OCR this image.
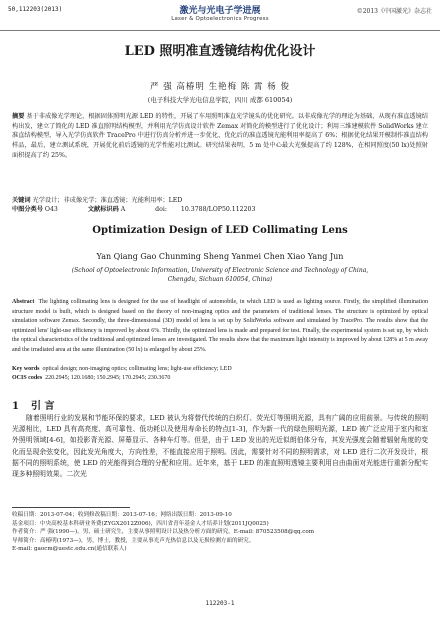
50,112203(2013)	激光与光电子学进展
Laser & Optoelectronics Progress
©2013《中国激光》杂志社
LED 照明准直透镜结构优化设计
严 强 高椿明 生艳梅 陈 霄 杨 俊
(电子科技大学光电信息学院，四川 成都 610054)
摘要 基于非成像光学理论，根据固体照明光源 LED 的特性，开展了车用照明准直光学镜头的优化研究。以非成像光学的理论为基础，从现有准直透镜结构出发，建立了简化的 LED 准直照明结构模型，并利用光学仿真设计软件 Zemax 对简化的模型进行了优化设计；利用三维建模软件 SolidWorks 建立准直结构模型，导入光学仿真软件 TracePro 中进行仿真分析并进一步优化，优化后的准直透镜光能利用率提高了 6%；根据优化结果开模制作准直结构样品，最后，建立测试系统，开展优化前后透镜的光学性能对比测试。研究结果表明，5 m 处中心最大光强提高了约 128%，在相同照度(50 lx)处照射面积提高了约 25%。
关键词 光学设计；非成像光学；准直透镜；光能利用率；LED
中图分类号 O43	文献标识码 A	doi: 10.3788/LOP50.112203
Optimization Design of LED Collimating Lens
Yan Qiang Gao Chunming Sheng Yanmei Chen Xiao Yang Jun
(School of Optoelectronic Information, University of Electronic Science and Technology of China,
Chengdu, Sichuan 610054, China)
Abstract The lighting collimating lens is designed for the use of headlight of automobile, in which LED is used as lighting source. Firstly, the simplified illumination structure model is built, which is designed based on the theory of non-imaging optics and the parameters of traditional lenses. The structure is optimized by optical simulation software Zemax. Secondly, the three-dimensional (3D) model of lens is set up by SolidWorks software and simulated by TracePro. The results show that the optimized lens' light-use efficiency is improved by about 6%. Thirdly, the optimized lens is made and prepared for test. Finally, the experimental system is set up, by which the optical characteristics of the traditional and optimized lenses are investigated. The results show that the maximum light intensity is improved by about 128% at 5 m away and the irradiated area at the same illumination (50 lx) is enlarged by about 25%.
Key words optical design; non-imaging optics; collimating lens; light-use efficiency; LED
OCIS codes 220.2945; 120.1680; 150.2945; 170.2945; 230.3670
1 引 言
随着照明行业的发展和节能环保的要求，LED 被认为将替代传统的白炽灯、荧光灯等照明光源，具有广阔的应用前景。与传统的照明光源相比，LED 具有高亮度、高可靠性、低功耗以及使用寿命长的特点[1-3]，作为新一代的绿色照明光源，LED 被广泛应用于室内和室外照明领域[4-6]，如投影背光源、屏幕显示、各种车灯等。但是，由于 LED 发出的光近似朗伯体分布，其发光强度会随着辐射角度的变化而呈现余弦变化，因此发光角度大，方向性差，不能直接应用于照明。因此，需要针对不同的照明需求，对 LED 进行二次开发设计，根据不同的照明系统，使 LED 的光能得到合理的分配和应用。近年来，基于 LED 的准直照明透镜主要利用自由曲面对光能进行重新分配实现多种照明效果。二次光
收稿日期：2013-07-04；收到修改稿日期：2013-07-16；网络出版日期：2013-09-10
基金项目：中央高校基本科研业务费(ZYGX2012Z006)，四川省青年基金人才培养计划(2011JQ0025)
作者简介：严 强(1990—)，男，硕士研究生，主要从事照明设计以及热分析方面的研究。E-mail: 870523508@qq.com
导师简介：高椿明(1973—)，男，博士，教授，主要从事光声光热信息以及无损检测方面的研究。
E-mail: gaocm@uestc.edu.cn(通信联系人)
112203-1
